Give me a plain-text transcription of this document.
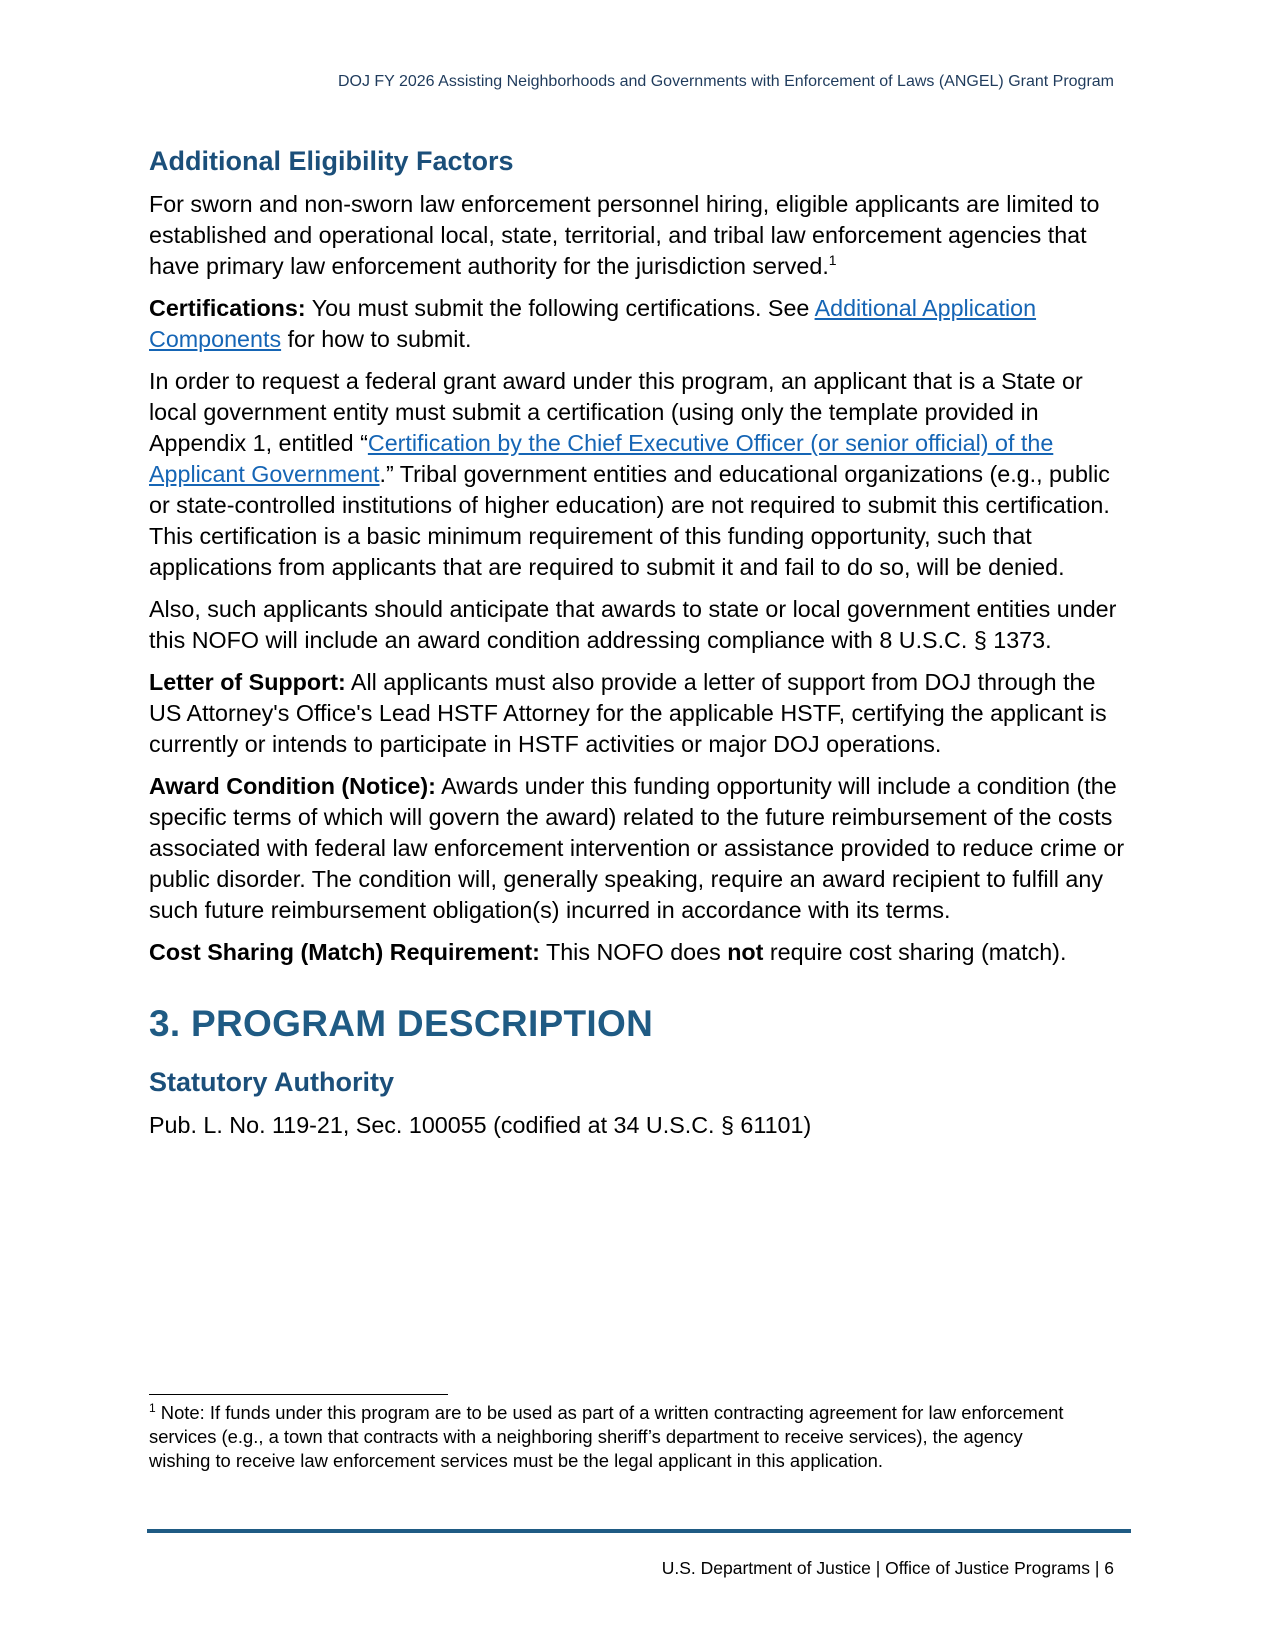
DOJ FY 2026 Assisting Neighborhoods and Governments with Enforcement of Laws (ANGEL) Grant Program
Additional Eligibility Factors

For sworn and non-sworn law enforcement personnel hiring, eligible applicants are limited to established and operational local, state, territorial, and tribal law enforcement agencies that have primary law enforcement authority for the jurisdiction served.$^1$

Certifications: You must submit the following certifications. See Additional Application Components for how to submit.

In order to request a federal grant award under this program, an applicant that is a State or local government entity must submit a certification (using only the template provided in Appendix 1, entitled “Certification by the Chief Executive Officer (or senior official) of the Applicant Government.” Tribal government entities and educational organizations (e.g., public or state-controlled institutions of higher education) are not required to submit this certification. This certification is a basic minimum requirement of this funding opportunity, such that applications from applicants that are required to submit it and fail to do so, will be denied.

Also, such applicants should anticipate that awards to state or local government entities under this NOFO will include an award condition addressing compliance with 8 U.S.C. § 1373.

Letter of Support: All applicants must also provide a letter of support from DOJ through the US Attorney's Office's Lead HSTF Attorney for the applicable HSTF, certifying the applicant is currently or intends to participate in HSTF activities or major DOJ operations.

Award Condition (Notice): Awards under this funding opportunity will include a condition (the specific terms of which will govern the award) related to the future reimbursement of the costs associated with federal law enforcement intervention or assistance provided to reduce crime or public disorder. The condition will, generally speaking, require an award recipient to fulfill any such future reimbursement obligation(s) incurred in accordance with its terms.

Cost Sharing (Match) Requirement: This NOFO does not require cost sharing (match).

3. PROGRAM DESCRIPTION
Statutory Authority

Pub. L. No. 119-21, Sec. 100055 (codified at 34 U.S.C. § 61101)

$^1$ Note: If funds under this program are to be used as part of a written contracting agreement for law enforcement services (e.g., a town that contracts with a neighboring sheriff’s department to receive services), the agency wishing to receive law enforcement services must be the legal applicant in this application.
U.S. Department of Justice | Office of Justice Programs | 6
